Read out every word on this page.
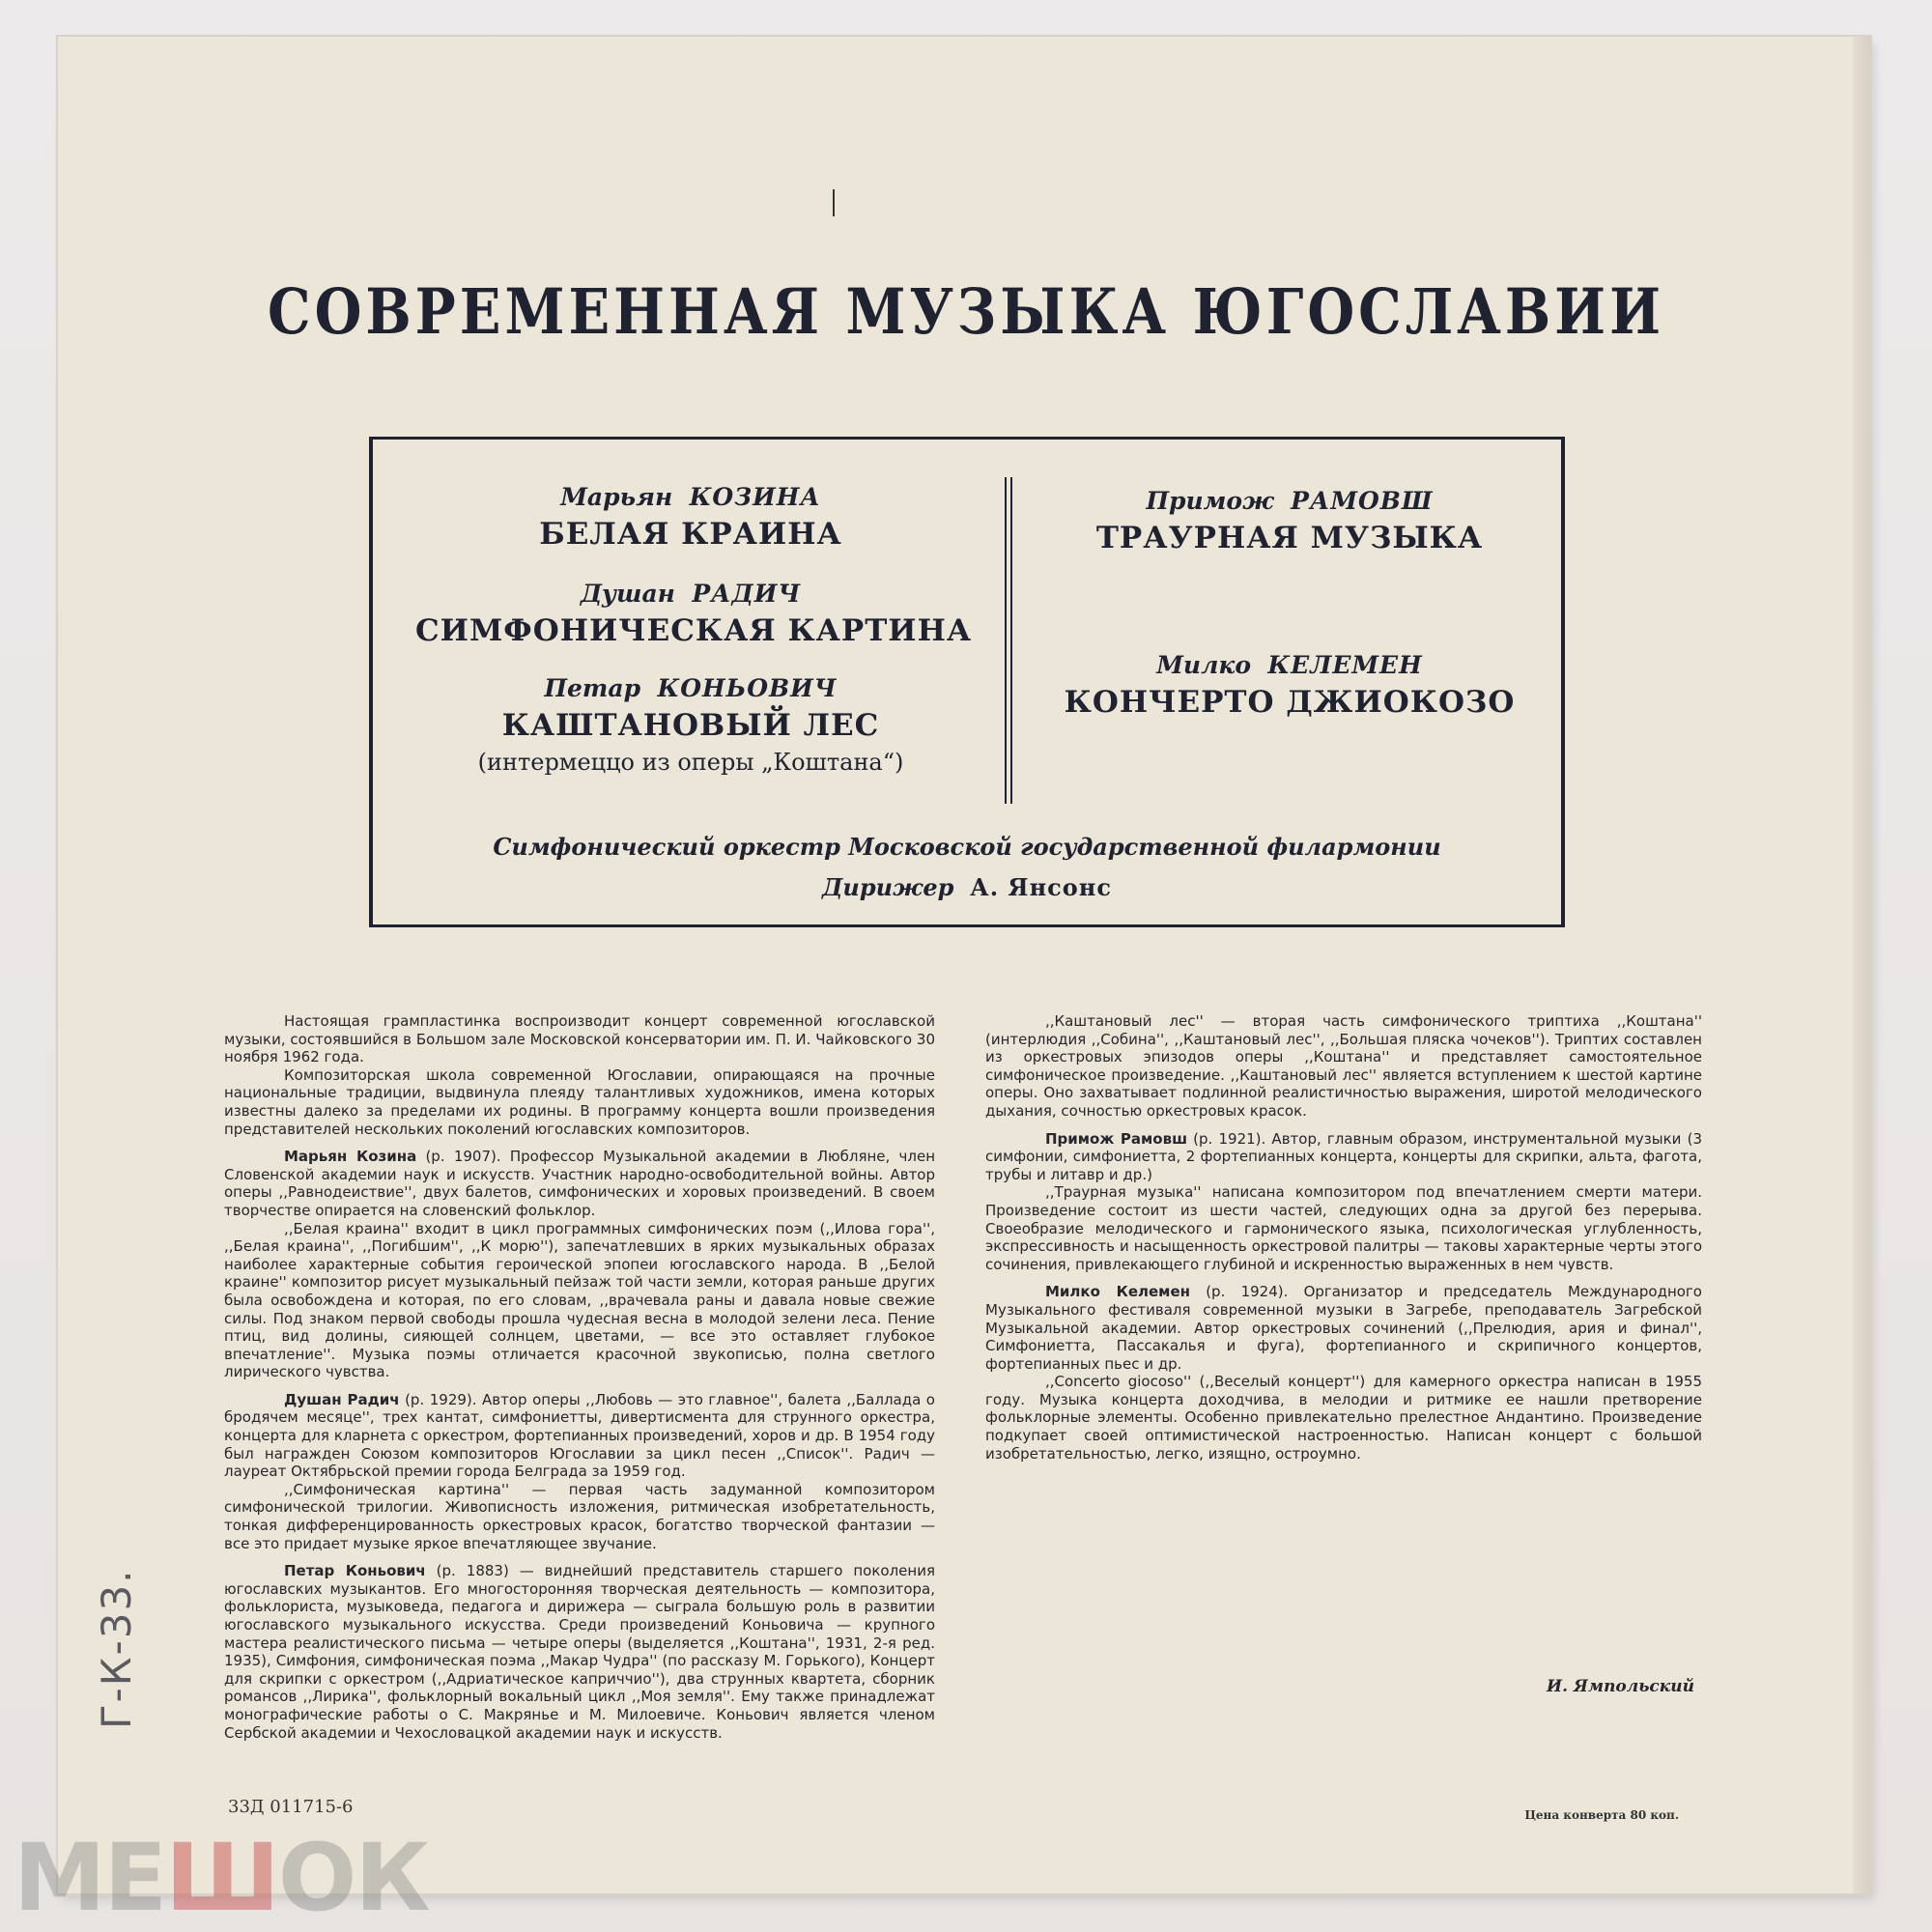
СОВРЕМЕННАЯ МУЗЫКА ЮГОСЛАВИИ
Марьян КОЗИНА
БЕЛАЯ КРАИНА
Душан РАДИЧ
СИМФОНИЧЕСКАЯ КАРТИНА
Петар КОНЬОВИЧ
КАШТАНОВЫЙ ЛЕС
(интермеццо из оперы „Коштана“)
Примож РАМОВШ
ТРАУРНАЯ МУЗЫКА
Милко КЕЛЕМЕН
КОНЧЕРТО ДЖИОКОЗО
Симфонический оркестр Московской государственной филармонии
Дирижер А. Янсонс

Настоящая грампластинка воспроизводит концерт современной югославской музыки, состоявшийся в Большом зале Московской консерватории им. П. И. Чайковского 30 ноября 1962 года.

Композиторская школа современной Югославии, опирающаяся на прочные национальные традиции, выдвинула плеяду талантливых художников, имена которых известны далеко за пределами их родины. В программу концерта вошли произведения представителей нескольких поколений югославских композиторов.

Марьян Козина (р. 1907). Профессор Музыкальной академии в Любляне, член Словенской академии наук и искусств. Участник народно-освободительной войны. Автор оперы ,,Равнодеиствие'', двух балетов, симфонических и хоровых произведений. В своем творчестве опирается на словенский фольклор.

,,Белая краина'' входит в цикл программных симфонических поэм (,,Илова гора'', ,,Белая краина'', ,,Погибшим'', ,,К морю''), запечатлевших в ярких музыкальных образах наиболее характерные события героической эпопеи югославского народа. В ,,Белой краине'' композитор рисует музыкальный пейзаж той части земли, которая раньше других была освобождена и которая, по его словам, ,,врачевала раны и давала новые свежие силы. Под знаком первой свободы прошла чудесная весна в молодой зелени леса. Пение птиц, вид долины, сияющей солнцем, цветами, — все это оставляет глубокое впечатление''. Музыка поэмы отличается красочной звукописью, полна светлого лирического чувства.

Душан Радич (р. 1929). Автор оперы ,,Любовь — это главное'', балета ,,Баллада о бродячем месяце'', трех кантат, симфониетты, дивертисмента для струнного оркестра, концерта для кларнета с оркестром, фортепианных произведений, хоров и др. В 1954 году был награжден Союзом композиторов Югославии за цикл песен ,,Список''. Радич — лауреат Октябрьской премии города Белграда за 1959 год.

,,Симфоническая картина'' — первая часть задуманной композитором симфонической трилогии. Живописность изложения, ритмическая изобретательность, тонкая дифференцированность оркестровых красок, богатство творческой фантазии — все это придает музыке яркое впечатляющее звучание.

Петар Коньович (р. 1883) — виднейший представитель старшего поколения югославских музыкантов. Его многосторонняя творческая деятельность — композитора, фольклориста, музыковеда, педагога и дирижера — сыграла большую роль в развитии югославского музыкального искусства. Среди произведений Коньовича — крупного мастера реалистического письма — четыре оперы (выделяется ,,Коштана'', 1931, 2-я ред. 1935), Симфония, симфоническая поэма ,,Макар Чудра'' (по рассказу М. Горького), Концерт для скрипки с оркестром (,,Адриатическое каприччио''), два струнных квартета, сборник романсов ,,Лирика'', фольклорный вокальный цикл ,,Моя земля''. Ему также принадлежат монографические работы о С. Макрянье и М. Милоевиче. Коньович является членом Сербской академии и Чехословацкой академии наук и искусств.

,,Каштановый лес'' — вторая часть симфонического триптиха ,,Коштана'' (интерлюдия ,,Собина'', ,,Каштановый лес'', ,,Большая пляска чочеков''). Триптих составлен из оркестровых эпизодов оперы ,,Коштана'' и представляет самостоятельное симфоническое произведение. ,,Каштановый лес'' является вступлением к шестой картине оперы. Оно захватывает подлинной реалистичностью выражения, широтой мелодического дыхания, сочностью оркестровых красок.

Примож Рамовш (р. 1921). Автор, главным образом, инструментальной музыки (3 симфонии, симфониетта, 2 фортепианных концерта, концерты для скрипки, альта, фагота, трубы и литавр и др.)

,,Траурная музыка'' написана композитором под впечатлением смерти матери. Произведение состоит из шести частей, следующих одна за другой без перерыва. Своеобразие мелодического и гармонического языка, психологическая углубленность, экспрессивность и насыщенность оркестровой палитры — таковы характерные черты этого сочинения, привлекающего глубиной и искренностью выраженных в нем чувств.

Милко Келемен (р. 1924). Организатор и председатель Международного Музыкального фестиваля современной музыки в Загребе, преподаватель Загребской Музыкальной академии. Автор оркестровых сочинений (,,Прелюдия, ария и финал'', Симфониетта, Пассакалья и фуга), фортепианного и скрипичного концертов, фортепианных пьес и др.

,,Concerto giocoso'' (,,Веселый концерт'') для камерного оркестра написан в 1955 году. Музыка концерта доходчива, в мелодии и ритмике ее нашли претворение фольклорные элементы. Особенно привлекательно прелестное Андантино. Произведение подкупает своей оптимистической настроенностью. Написан концерт с большой изобретательностью, легко, изящно, остроумно.

И. Ямпольский
33Д 011715-6	Цена конверта 80 коп.
Г-К-33.
МЕШОК
